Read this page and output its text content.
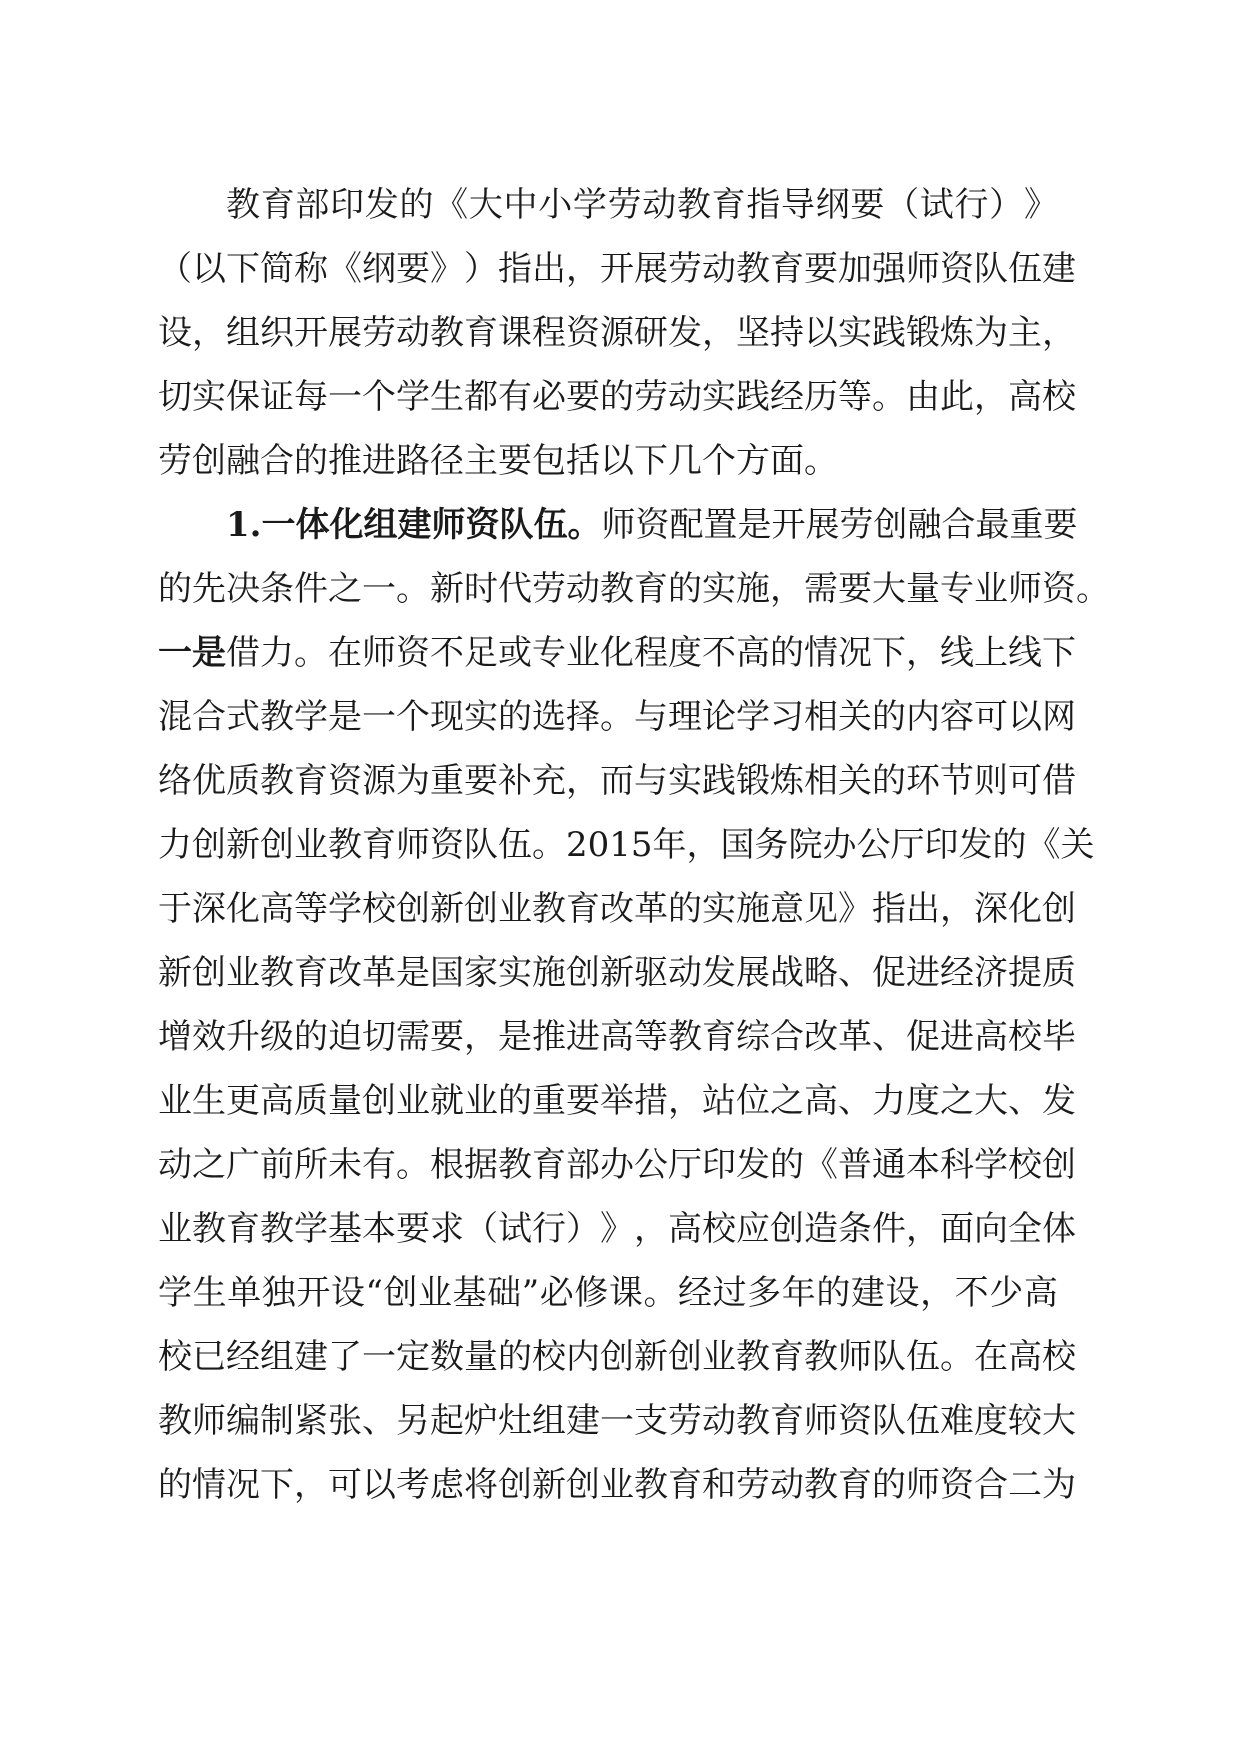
教 育 部 印 发 的 《 大 中 小 学 劳 动 教 育 指 导 纲 要 （ 试 行 ） 》
（ 以 下 简 称 《 纲 要 》 ） 指 出 ， 开 展 劳 动 教 育 要 加 强 师 资 队 伍 建
设 ， 组 织 开 展 劳 动 教 育 课 程 资 源 研 发 ， 坚 持 以 实 践 锻 炼 为 主 ，
切 实 保 证 每 一 个 学 生 都 有 必 要 的 劳 动 实 践 经 历 等 。 由 此 ， 高 校
劳 创 融 合 的 推 进 路 径 主 要 包 括 以 下 几 个 方 面 。
1. 一 体 化 组 建 师 资 队 伍 。 师 资 配 置 是 开 展 劳 创 融 合 最 重 要
的 先 决 条 件 之 一 。 新 时 代 劳 动 教 育 的 实 施 ， 需 要 大 量 专 业 师 资 。
一 是 借 力 。 在 师 资 不 足 或 专 业 化 程 度 不 高 的 情 况 下 ， 线 上 线 下
混 合 式 教 学 是 一 个 现 实 的 选 择 。 与 理 论 学 习 相 关 的 内 容 可 以 网
络 优 质 教 育 资 源 为 重 要 补 充 ， 而 与 实 践 锻 炼 相 关 的 环 节 则 可 借
力 创 新 创 业 教 育 师 资 队 伍 。 2015 年 ， 国 务 院 办 公 厅 印 发 的 《 关
于 深 化 高 等 学 校 创 新 创 业 教 育 改 革 的 实 施 意 见 》 指 出 ， 深 化 创
新 创 业 教 育 改 革 是 国 家 实 施 创 新 驱 动 发 展 战 略 、 促 进 经 济 提 质
增 效 升 级 的 迫 切 需 要 ， 是 推 进 高 等 教 育 综 合 改 革 、 促 进 高 校 毕
业 生 更 高 质 量 创 业 就 业 的 重 要 举 措 ， 站 位 之 高 、 力 度 之 大 、 发
动 之 广 前 所 未 有 。 根 据 教 育 部 办 公 厅 印 发 的 《 普 通 本 科 学 校 创
业 教 育 教 学 基 本 要 求 （ 试 行 ） 》 ， 高 校 应 创 造 条 件 ， 面 向 全 体
学 生 单 独 开 设 “ 创 业 基 础 ” 必 修 课 。 经 过 多 年 的 建 设 ， 不 少 高
校 已 经 组 建 了 一 定 数 量 的 校 内 创 新 创 业 教 育 教 师 队 伍 。 在 高 校
教 师 编 制 紧 张 、 另 起 炉 灶 组 建 一 支 劳 动 教 育 师 资 队 伍 难 度 较 大
的 情 况 下 ， 可 以 考 虑 将 创 新 创 业 教 育 和 劳 动 教 育 的 师 资 合 二 为
